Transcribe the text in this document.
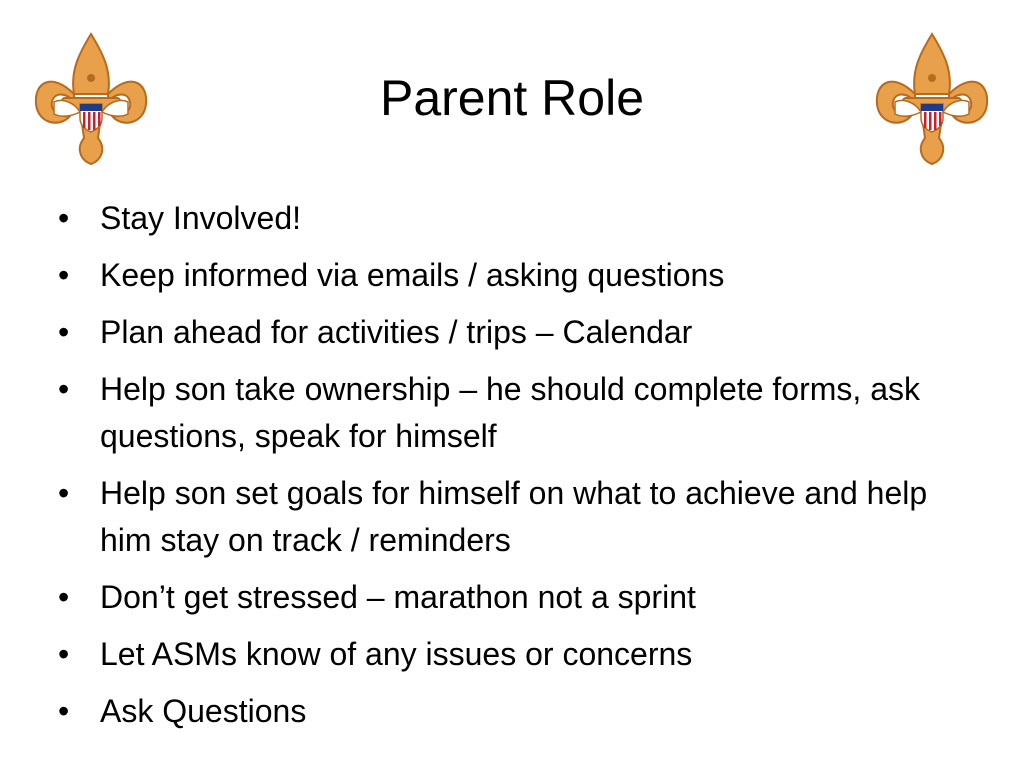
Parent Role
• Stay Involved!
• Keep informed via emails / asking questions
• Plan ahead for activities / trips – Calendar
• Help son take ownership – he should complete forms, ask questions, speak for himself
• Help son set goals for himself on what to achieve and help him stay on track / reminders
• Don’t get stressed – marathon not a sprint
• Let ASMs know of any issues or concerns
• Ask Questions
